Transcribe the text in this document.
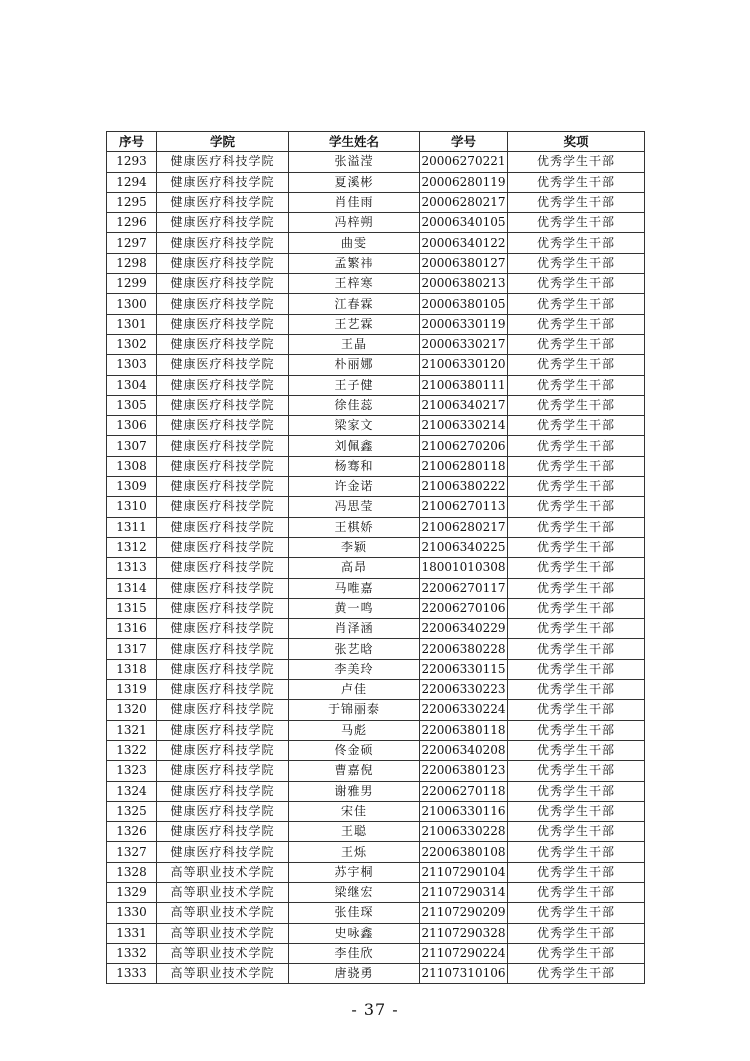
序号	学院	学生姓名	学号	奖项
1293	健康医疗科技学院	张溢滢	20006270221	优秀学生干部
1294	健康医疗科技学院	夏溪彬	20006280119	优秀学生干部
1295	健康医疗科技学院	肖佳雨	20006280217	优秀学生干部
1296	健康医疗科技学院	冯梓朔	20006340105	优秀学生干部
1297	健康医疗科技学院	曲雯	20006340122	优秀学生干部
1298	健康医疗科技学院	孟繁祎	20006380127	优秀学生干部
1299	健康医疗科技学院	王梓寒	20006380213	优秀学生干部
1300	健康医疗科技学院	江春霖	20006380105	优秀学生干部
1301	健康医疗科技学院	王艺霖	20006330119	优秀学生干部
1302	健康医疗科技学院	王晶	20006330217	优秀学生干部
1303	健康医疗科技学院	朴丽娜	21006330120	优秀学生干部
1304	健康医疗科技学院	王子健	21006380111	优秀学生干部
1305	健康医疗科技学院	徐佳蕊	21006340217	优秀学生干部
1306	健康医疗科技学院	梁家文	21006330214	优秀学生干部
1307	健康医疗科技学院	刘佩鑫	21006270206	优秀学生干部
1308	健康医疗科技学院	杨骞和	21006280118	优秀学生干部
1309	健康医疗科技学院	许金诺	21006380222	优秀学生干部
1310	健康医疗科技学院	冯思莹	21006270113	优秀学生干部
1311	健康医疗科技学院	王棋娇	21006280217	优秀学生干部
1312	健康医疗科技学院	李颖	21006340225	优秀学生干部
1313	健康医疗科技学院	高昂	18001010308	优秀学生干部
1314	健康医疗科技学院	马唯嘉	22006270117	优秀学生干部
1315	健康医疗科技学院	黄一鸣	22006270106	优秀学生干部
1316	健康医疗科技学院	肖泽涵	22006340229	优秀学生干部
1317	健康医疗科技学院	张艺晗	22006380228	优秀学生干部
1318	健康医疗科技学院	李美玲	22006330115	优秀学生干部
1319	健康医疗科技学院	卢佳	22006330223	优秀学生干部
1320	健康医疗科技学院	于锦丽泰	22006330224	优秀学生干部
1321	健康医疗科技学院	马彪	22006380118	优秀学生干部
1322	健康医疗科技学院	佟金硕	22006340208	优秀学生干部
1323	健康医疗科技学院	曹嘉倪	22006380123	优秀学生干部
1324	健康医疗科技学院	谢雅男	22006270118	优秀学生干部
1325	健康医疗科技学院	宋佳	21006330116	优秀学生干部
1326	健康医疗科技学院	王聪	21006330228	优秀学生干部
1327	健康医疗科技学院	王烁	22006380108	优秀学生干部
1328	高等职业技术学院	苏宇桐	21107290104	优秀学生干部
1329	高等职业技术学院	梁继宏	21107290314	优秀学生干部
1330	高等职业技术学院	张佳琛	21107290209	优秀学生干部
1331	高等职业技术学院	史咏鑫	21107290328	优秀学生干部
1332	高等职业技术学院	李佳欣	21107290224	优秀学生干部
1333	高等职业技术学院	唐骁勇	21107310106	优秀学生干部
- 37 -
